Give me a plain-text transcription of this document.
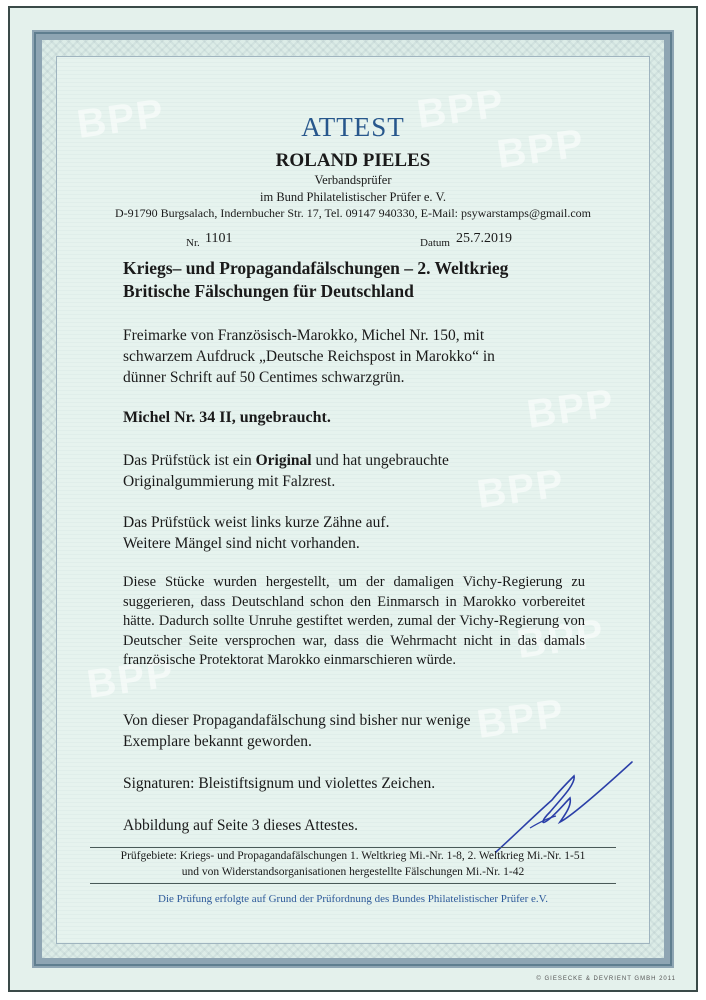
BPP
BPP
BPP
BPP
BPP
BPP
BPP
BPP
ATTEST
ROLAND PIELES
Verbandsprüfer
im Bund Philatelistischer Prüfer e. V.
D-91790 Burgsalach, Indernbucher Str. 17, Tel. 09147 940330, E-Mail: psywarstamps@gmail.com
Nr. 1101	Datum 25.7.2019
Kriegs– und Propagandafälschungen – 2. Weltkrieg
Britische Fälschungen für Deutschland
Freimarke von Französisch-Marokko, Michel Nr. 150, mit
schwarzem Aufdruck „Deutsche Reichspost in Marokko“ in
dünner Schrift auf 50 Centimes schwarzgrün.
Michel Nr. 34 II, ungebraucht.
Das Prüfstück ist ein Original und hat ungebrauchte
Originalgummierung mit Falzrest.
Das Prüfstück weist links kurze Zähne auf.
Weitere Mängel sind nicht vorhanden.
Diese Stücke wurden hergestellt, um der damaligen Vichy-Regierung zu suggerieren, dass Deutschland schon den Einmarsch in Marokko vorbereitet hätte. Dadurch sollte Unruhe gestiftet werden, zumal der Vichy-Regierung von Deutscher Seite versprochen war, dass die Wehrmacht nicht in das damals französische Protektorat Marokko einmarschieren würde.
Von dieser Propagandafälschung sind bisher nur wenige
Exemplare bekannt geworden.
Signaturen: Bleistiftsignum und violettes Zeichen.
Abbildung auf Seite 3 dieses Attestes.
Prüfgebiete: Kriegs- und Propagandafälschungen 1. Weltkrieg Mi.-Nr. 1-8, 2. Weltkrieg Mi.-Nr. 1-51
und von Widerstandsorganisationen hergestellte Fälschungen Mi.-Nr. 1-42
Die Prüfung erfolgte auf Grund der Prüfordnung des Bundes Philatelistischer Prüfer e.V.
© GIESECKE & DEVRIENT GMBH 2011
